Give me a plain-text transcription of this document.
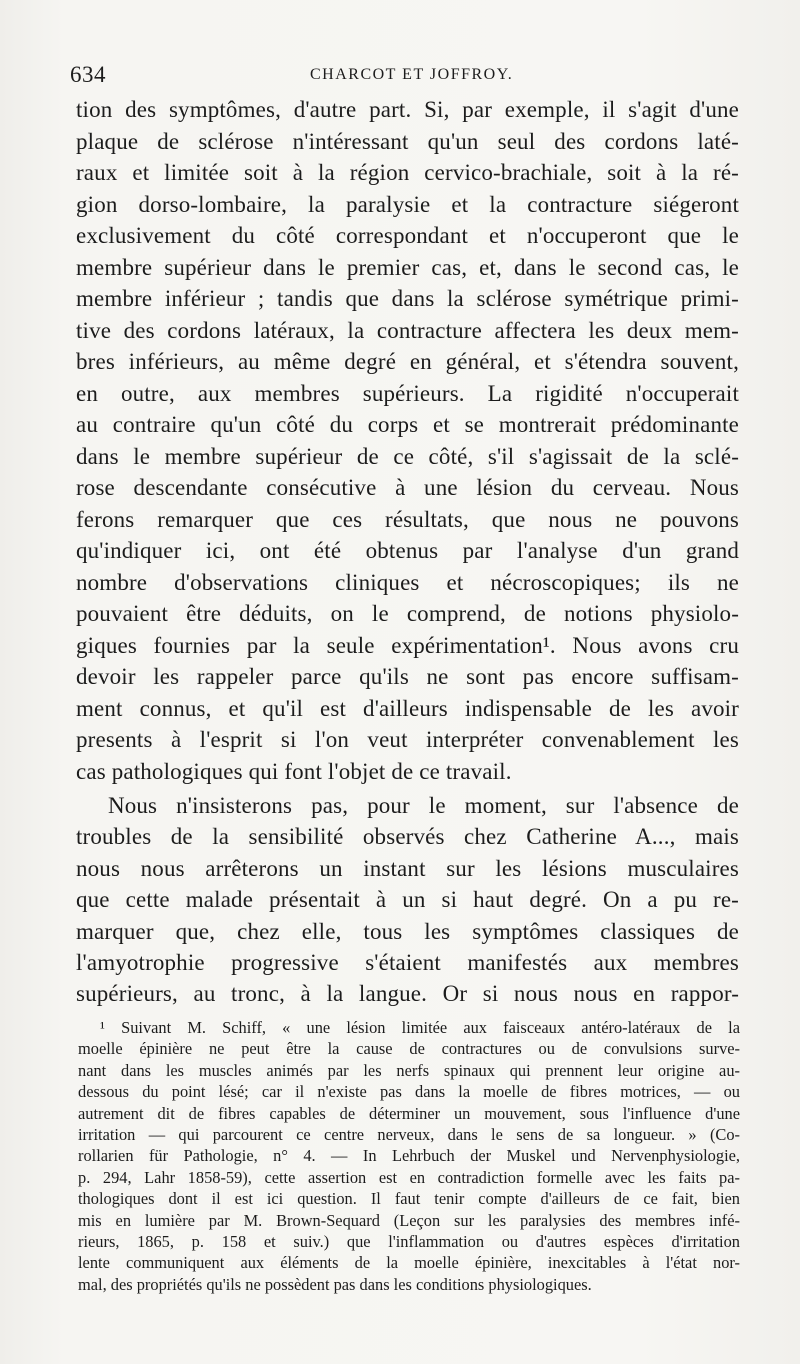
634	CHARCOT ET JOFFROY.
tion des symptômes, d'autre part. Si, par exemple, il s'agit d'une
plaque de sclérose n'intéressant qu'un seul des cordons laté-
raux et limitée soit à la région cervico-brachiale, soit à la ré-
gion dorso-lombaire, la paralysie et la contracture siégeront
exclusivement du côté correspondant et n'occuperont que le
membre supérieur dans le premier cas, et, dans le second cas, le
membre inférieur ; tandis que dans la sclérose symétrique primi-
tive des cordons latéraux, la contracture affectera les deux mem-
bres inférieurs, au même degré en général, et s'étendra souvent,
en outre, aux membres supérieurs. La rigidité n'occuperait
au contraire qu'un côté du corps et se montrerait prédominante
dans le membre supérieur de ce côté, s'il s'agissait de la sclé-
rose descendante consécutive à une lésion du cerveau. Nous
ferons remarquer que ces résultats, que nous ne pouvons
qu'indiquer ici, ont été obtenus par l'analyse d'un grand
nombre d'observations cliniques et nécroscopiques; ils ne
pouvaient être déduits, on le comprend, de notions physiolo-
giques fournies par la seule expérimentation¹. Nous avons cru
devoir les rappeler parce qu'ils ne sont pas encore suffisam-
ment connus, et qu'il est d'ailleurs indispensable de les avoir
presents à l'esprit si l'on veut interpréter convenablement les
cas pathologiques qui font l'objet de ce travail.
Nous n'insisterons pas, pour le moment, sur l'absence de
troubles de la sensibilité observés chez Catherine A..., mais
nous nous arrêterons un instant sur les lésions musculaires
que cette malade présentait à un si haut degré. On a pu re-
marquer que, chez elle, tous les symptômes classiques de
l'amyotrophie progressive s'étaient manifestés aux membres
supérieurs, au tronc, à la langue. Or si nous nous en rappor-
¹ Suivant M. Schiff, « une lésion limitée aux faisceaux antéro-latéraux de la
moelle épinière ne peut être la cause de contractures ou de convulsions surve-
nant dans les muscles animés par les nerfs spinaux qui prennent leur origine au-
dessous du point lésé; car il n'existe pas dans la moelle de fibres motrices, — ou
autrement dit de fibres capables de déterminer un mouvement, sous l'influence d'une
irritation — qui parcourent ce centre nerveux, dans le sens de sa longueur. » (Co-
rollarien für Pathologie, n° 4. — In Lehrbuch der Muskel und Nervenphysiologie,
p. 294, Lahr 1858-59), cette assertion est en contradiction formelle avec les faits pa-
thologiques dont il est ici question. Il faut tenir compte d'ailleurs de ce fait, bien
mis en lumière par M. Brown-Sequard (Leçon sur les paralysies des membres infé-
rieurs, 1865, p. 158 et suiv.) que l'inflammation ou d'autres espèces d'irritation
lente communiquent aux éléments de la moelle épinière, inexcitables à l'état nor-
mal, des propriétés qu'ils ne possèdent pas dans les conditions physiologiques.
